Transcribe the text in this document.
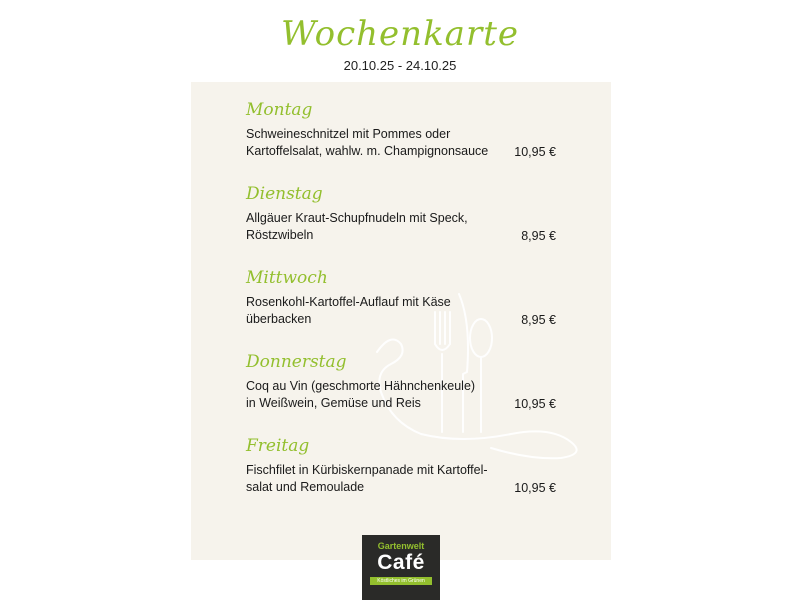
Wochenkarte
20.10.25 - 24.10.25
Montag
Schweineschnitzel mit Pommes oder
Kartoffelsalat, wahlw. m. Champignonsauce	10,95 €
Dienstag
Allgäuer Kraut-Schupfnudeln mit Speck,
Röstzwibeln	8,95 €
Mittwoch
Rosenkohl-Kartoffel-Auflauf mit Käse
überbacken	8,95 €
Donnerstag
Coq au Vin (geschmorte Hähnchenkeule)
in Weißwein, Gemüse und Reis	10,95 €
Freitag
Fischfilet in Kürbiskernpanade mit Kartoffel-
salat und Remoulade	10,95 €
Gartenwelt
Café
Köstliches im Grünen
